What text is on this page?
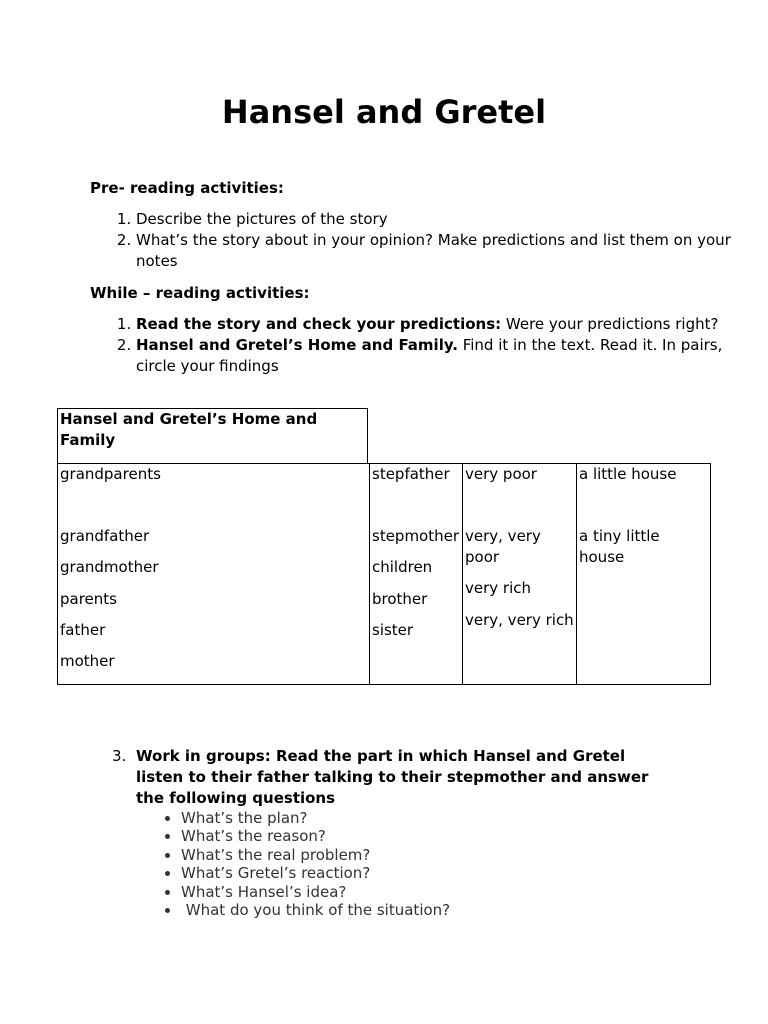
Hansel and Gretel

Pre- reading activities:

1. Describe the pictures of the story
2. What’s the story about in your opinion? Make predictions and list them on your notes

While – reading activities:

1. Read the story and check your predictions: Were your predictions right?
2. Hansel and Gretel’s Home and Family. Find it in the text. Read it. In pairs, circle your findings
Hansel and Gretel’s Home and Family
grandparents
grandfather
grandmother
parents
father
mother
stepfather
stepmother
children
brother
sister
very poor
very, very poor
very rich
very, very rich
a little house
a tiny little house
3. Work in groups: Read the part in which Hansel and Gretel listen to their father talking to their stepmother and answer the following questions
• What’s the plan?
• What’s the reason?
• What’s the real problem?
• What’s Gretel’s reaction?
• What’s Hansel’s idea?
•  What do you think of the situation?
